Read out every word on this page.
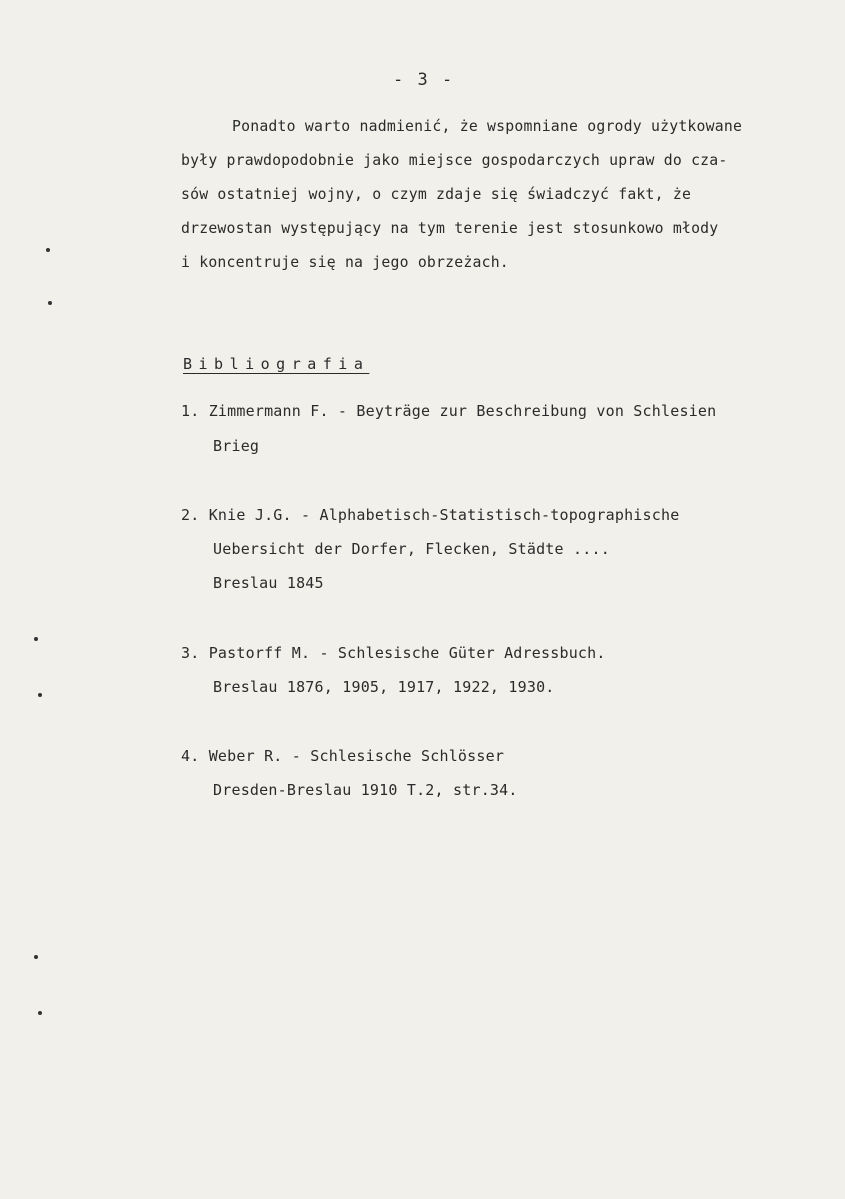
- 3 -
Ponadto warto nadmienić, że wspomniane ogrody użytkowane
były prawdopodobnie jako miejsce gospodarczych upraw do cza-
sów ostatniej wojny, o czym zdaje się świadczyć fakt, że
drzewostan występujący na tym terenie jest stosunkowo młody
i koncentruje się na jego obrzeżach.
Bibliografia
1. Zimmermann F. - Beyträge zur Beschreibung von Schlesien
Brieg
2. Knie J.G. - Alphabetisch-Statistisch-topographische
Uebersicht der Dorfer, Flecken, Städte ....
Breslau 1845
3. Pastorff M. - Schlesische Güter Adressbuch.
Breslau 1876, 1905, 1917, 1922, 1930.
4. Weber R. - Schlesische Schlösser
Dresden-Breslau 1910 T.2, str.34.
